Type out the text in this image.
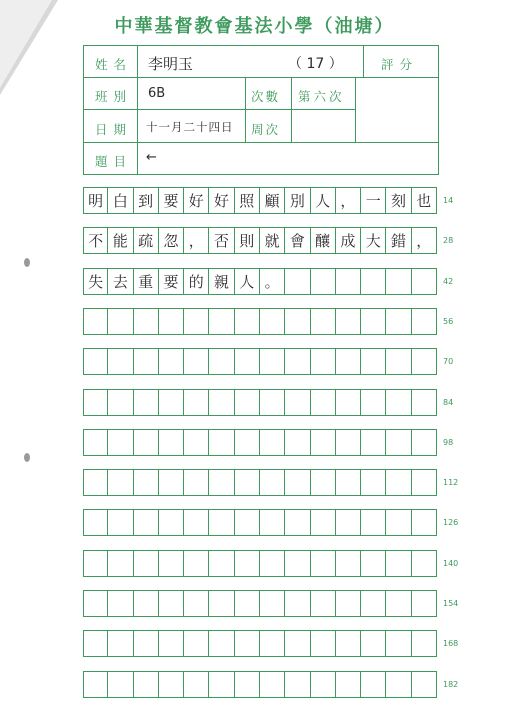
中華基督教會基法小學（油塘）
姓名 李明玉	（ 17 ）	評分
班別 6B	次數 第六次
日期 十一月二十四日 周次
題目 ←
明 白 到 要 好 好 照 顧 別 人 ， 一 刻 也	14
不 能 疏 忽 ， 否 則 就 會 釀 成 大 錯 ，	28
失 去 重 要 的 親 人 。	42
56
70
84
98
112
126
140
154
168
182
